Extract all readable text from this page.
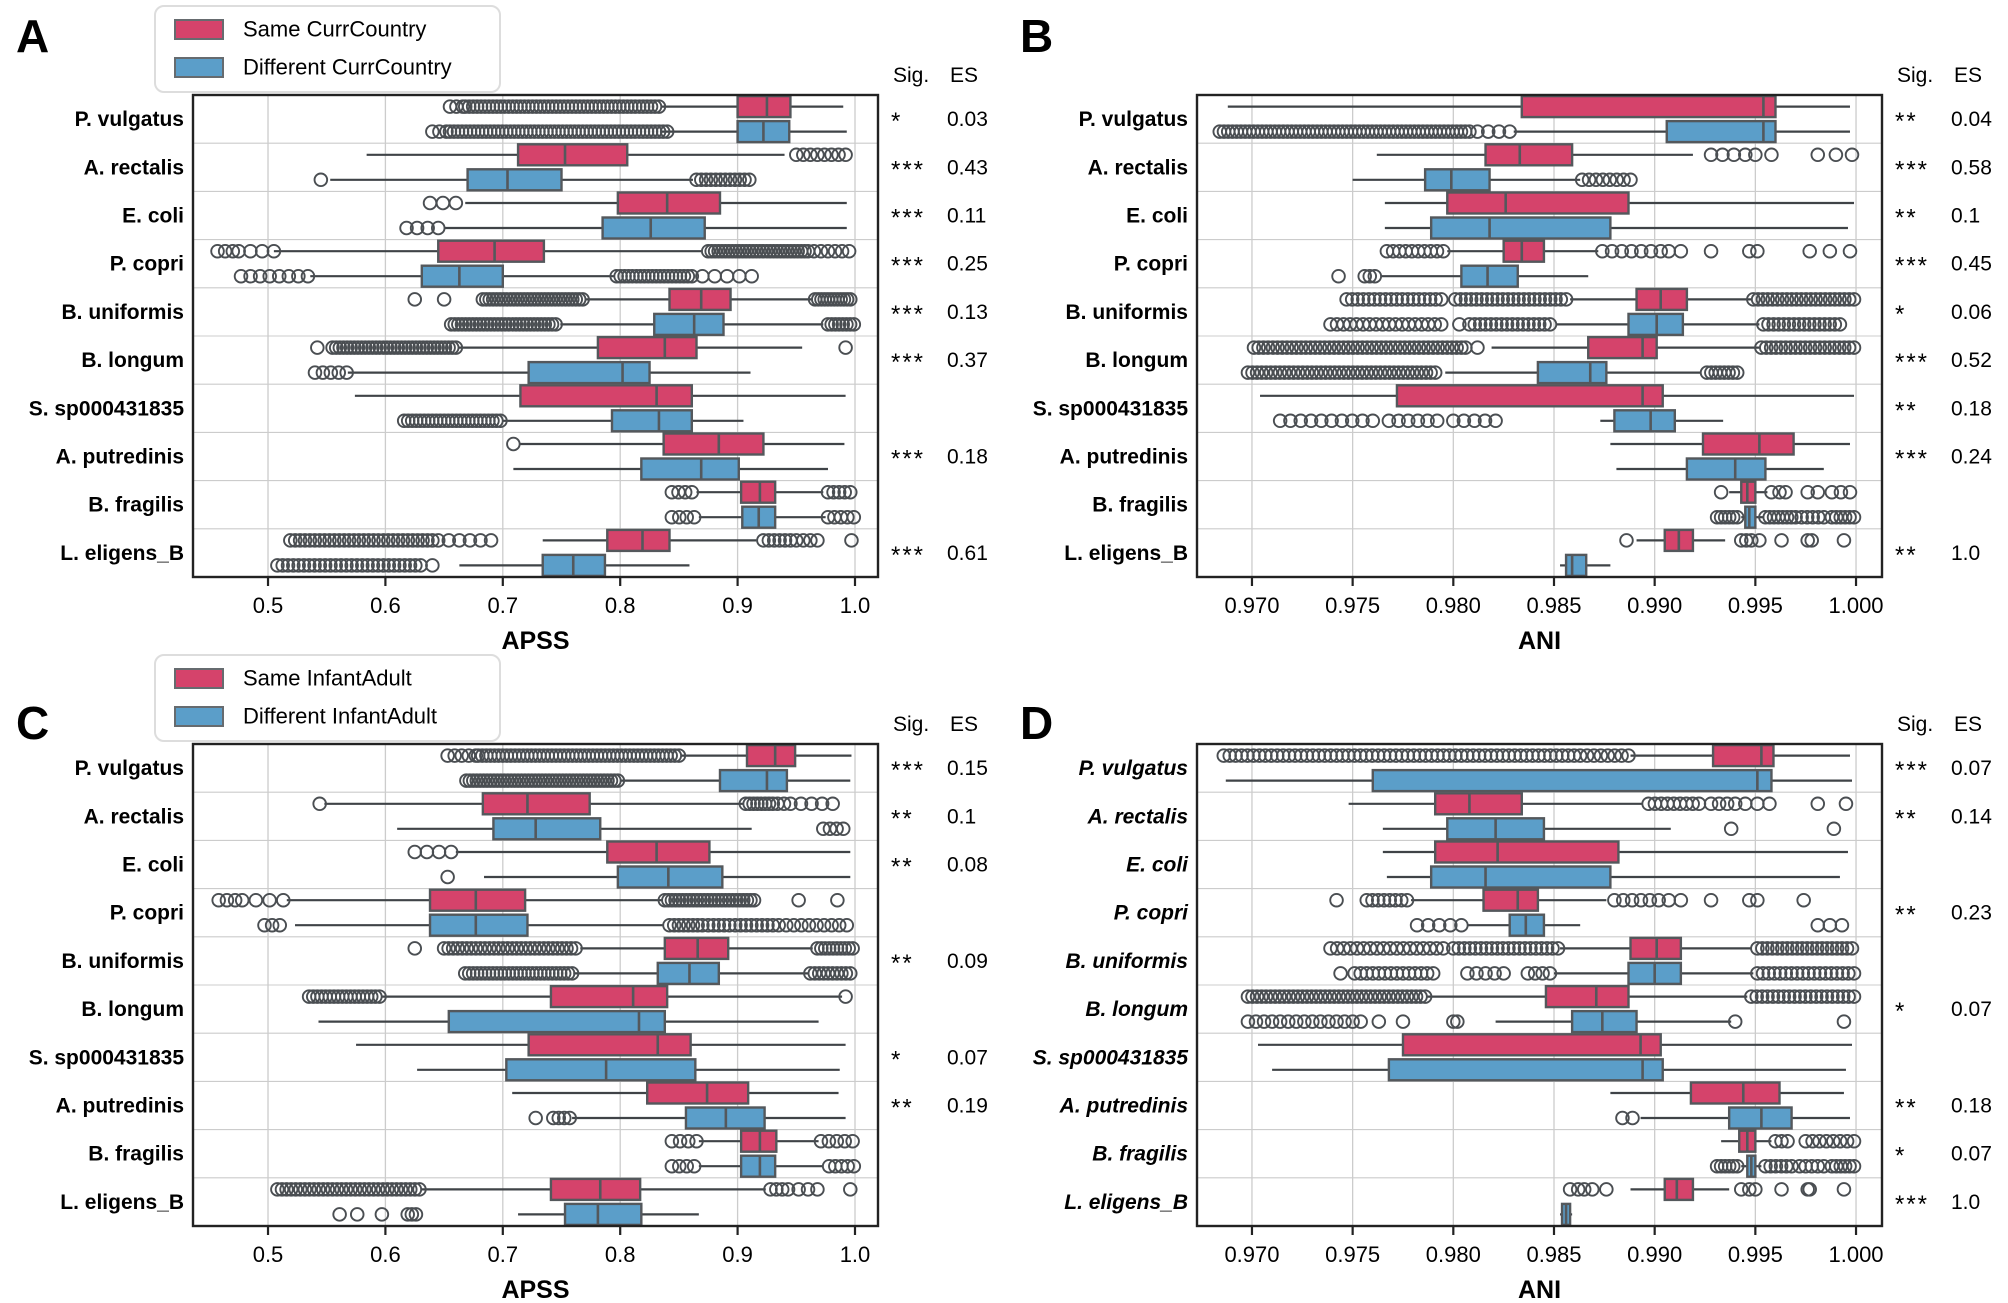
A	Same CurrCountry
Different CurrCountry	Sig. ES
P. vulgatus	* 0.03
A. rectalis	*** 0.43
E. coli	*** 0.11
P. copri	*** 0.25
B. uniformis	*** 0.13
B. longum	*** 0.37
S. sp000431835
A. putredinis	*** 0.18
B. fragilis
L. eligens_B	*** 0.61
0.5	0.6	0.7	0.8	0.9	1.0
APSS
B
Sig. ES
P. vulgatus	** 0.04
A. rectalis	*** 0.58
E. coli	** 0.1
P. copri	*** 0.45
B. uniformis	* 0.06
B. longum	*** 0.52
S. sp000431835	** 0.18
A. putredinis	*** 0.24
B. fragilis
L. eligens_B	** 1.0
0.970 0.975 0.980 0.985 0.990 0.995 1.000
ANI
C
Same InfantAdult
Different InfantAdult	Sig. ES
P. vulgatus	*** 0.15
A. rectalis	** 0.1
E. coli	** 0.08
P. copri
B. uniformis	** 0.09
B. longum
S. sp000431835	* 0.07
A. putredinis	** 0.19
B. fragilis
L. eligens_B
0.5	0.6	0.7	0.8	0.9	1.0
APSS
D	Sig. ES
P. vulgatus	*** 0.07
A. rectalis	** 0.14
E. coli
P. copri	** 0.23
B. uniformis
B. longum	* 0.07
S. sp000431835
A. putredinis	** 0.18
B. fragilis	* 0.07
L. eligens_B	*** 1.0
0.970 0.975 0.980 0.985 0.990 0.995 1.000
ANI
